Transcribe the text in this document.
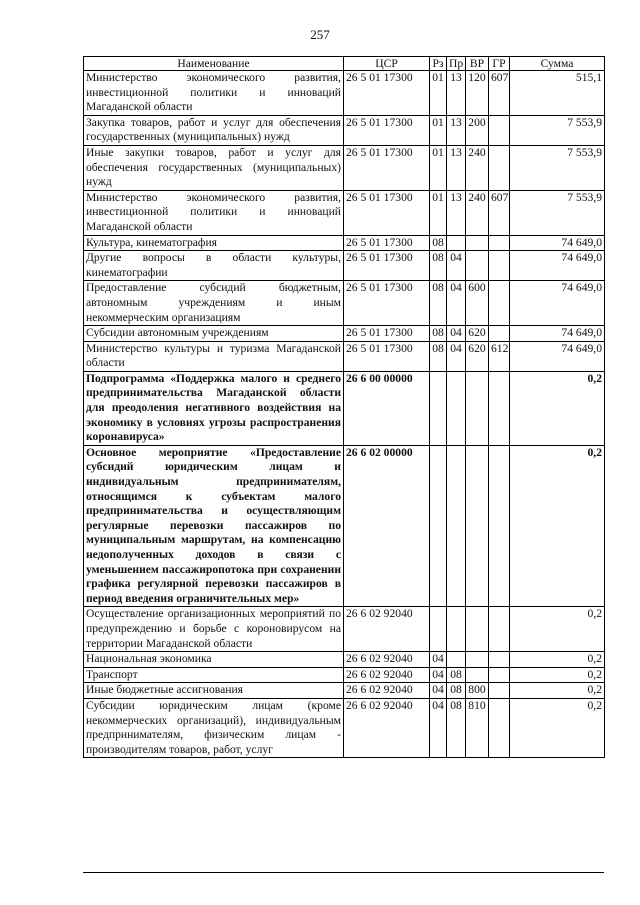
257
Наименование	ЦСР	Рз	Пр	ВР	ГР	Сумма
Министерство экономического развития, инвестиционной политики и инноваций Магаданской области	26 5 01 17300	01	13	120	607	515,1
Закупка товаров, работ и услуг для обеспечения государственных (муниципальных) нужд	26 5 01 17300	01	13	200		7 553,9
Иные закупки товаров, работ и услуг для обеспечения государственных (муниципальных) нужд	26 5 01 17300	01	13	240		7 553,9
Министерство экономического развития, инвестиционной политики и инноваций Магаданской области	26 5 01 17300	01	13	240	607	7 553,9
Культура, кинематография	26 5 01 17300	08				74 649,0
Другие вопросы в области культуры, кинематографии	26 5 01 17300	08	04			74 649,0
Предоставление субсидий бюджетным, автономным учреждениям и иным некоммерческим организациям	26 5 01 17300	08	04	600		74 649,0
Субсидии автономным учреждениям	26 5 01 17300	08	04	620		74 649,0
Министерство культуры и туризма Магаданской области	26 5 01 17300	08	04	620	612	74 649,0
Подпрограмма «Поддержка малого и среднего предпринимательства Магаданской области для преодоления негативного воздействия на экономику в условиях угрозы распространения коронавируса»	26 6 00 00000					0,2
Основное мероприятие «Предоставление субсидий юридическим лицам и индивидуальным предпринимателям, относящимся к субъектам малого предпринимательства и осуществляющим регулярные перевозки пассажиров по муниципальным маршрутам, на компенсацию недополученных доходов в связи с уменьшением пассажиропотока при сохранении графика регулярной перевозки пассажиров в период введения ограничительных мер»	26 6 02 00000					0,2
Осуществление организационных мероприятий по предупреждению и борьбе с короновирусом на территории Магаданской области	26 6 02 92040					0,2
Национальная экономика	26 6 02 92040	04				0,2
Транспорт	26 6 02 92040	04	08			0,2
Иные бюджетные ассигнования	26 6 02 92040	04	08	800		0,2
Субсидии юридическим лицам (кроме некоммерческих организаций), индивидуальным предпринимателям, физическим лицам - производителям товаров, работ, услуг	26 6 02 92040	04	08	810		0,2
